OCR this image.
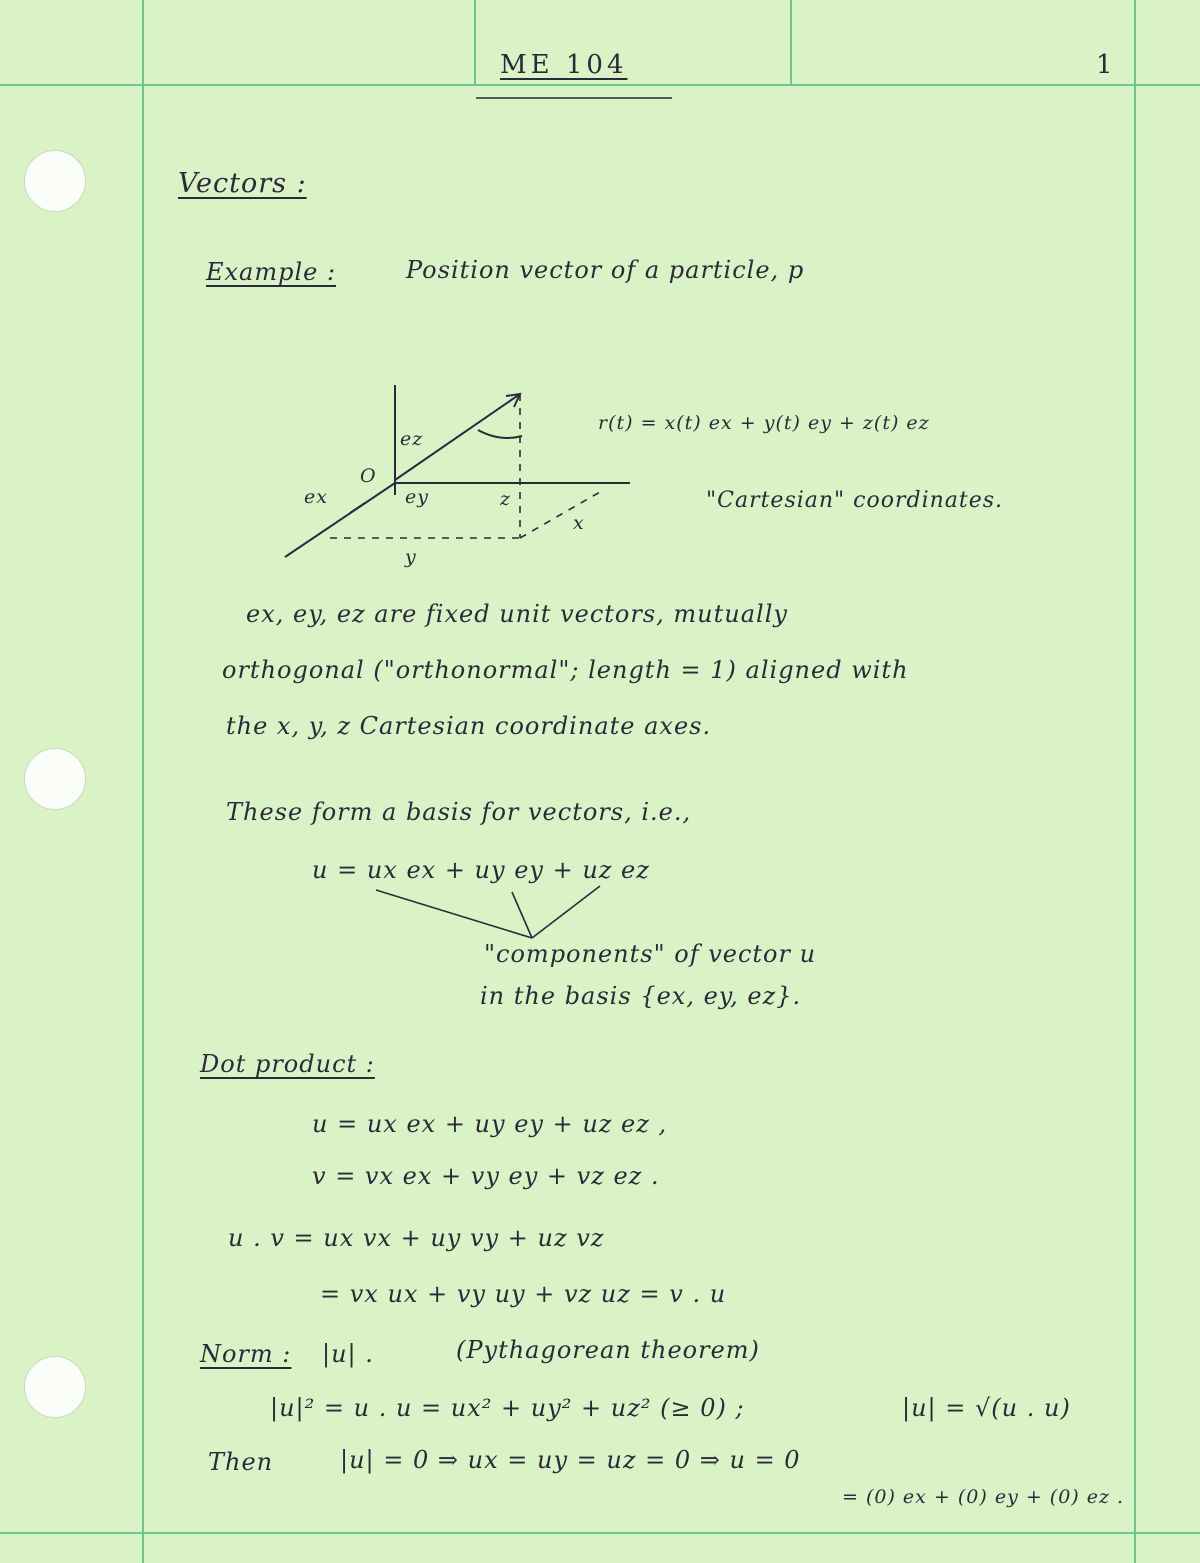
ME 104	1
Vectors :
Example :	Position vector of a particle, p
ez
O
ex	ey	z
x
y
r(t) = x(t) ex + y(t) ey + z(t) ez
"Cartesian" coordinates.
ex, ey, ez are fixed unit vectors, mutually
orthogonal ("orthonormal"; length = 1) aligned with
the x, y, z Cartesian coordinate axes.
These form a basis for vectors, i.e.,
u = ux ex + uy ey + uz ez
"components" of vector u
in the basis {ex, ey, ez}.
Dot product :
u = ux ex + uy ey + uz ez ,
v = vx ex + vy ey + vz ez .
u . v = ux vx + uy vy + uz vz
= vx ux + vy uy + vz uz = v . u
Norm : |u| .	(Pythagorean theorem)
|u|² = u . u = ux² + uy² + uz² (≥ 0) ;	|u| = √(u . u)
Then	|u| = 0 ⇒ ux = uy = uz = 0 ⇒ u = 0
= (0) ex + (0) ey + (0) ez .
